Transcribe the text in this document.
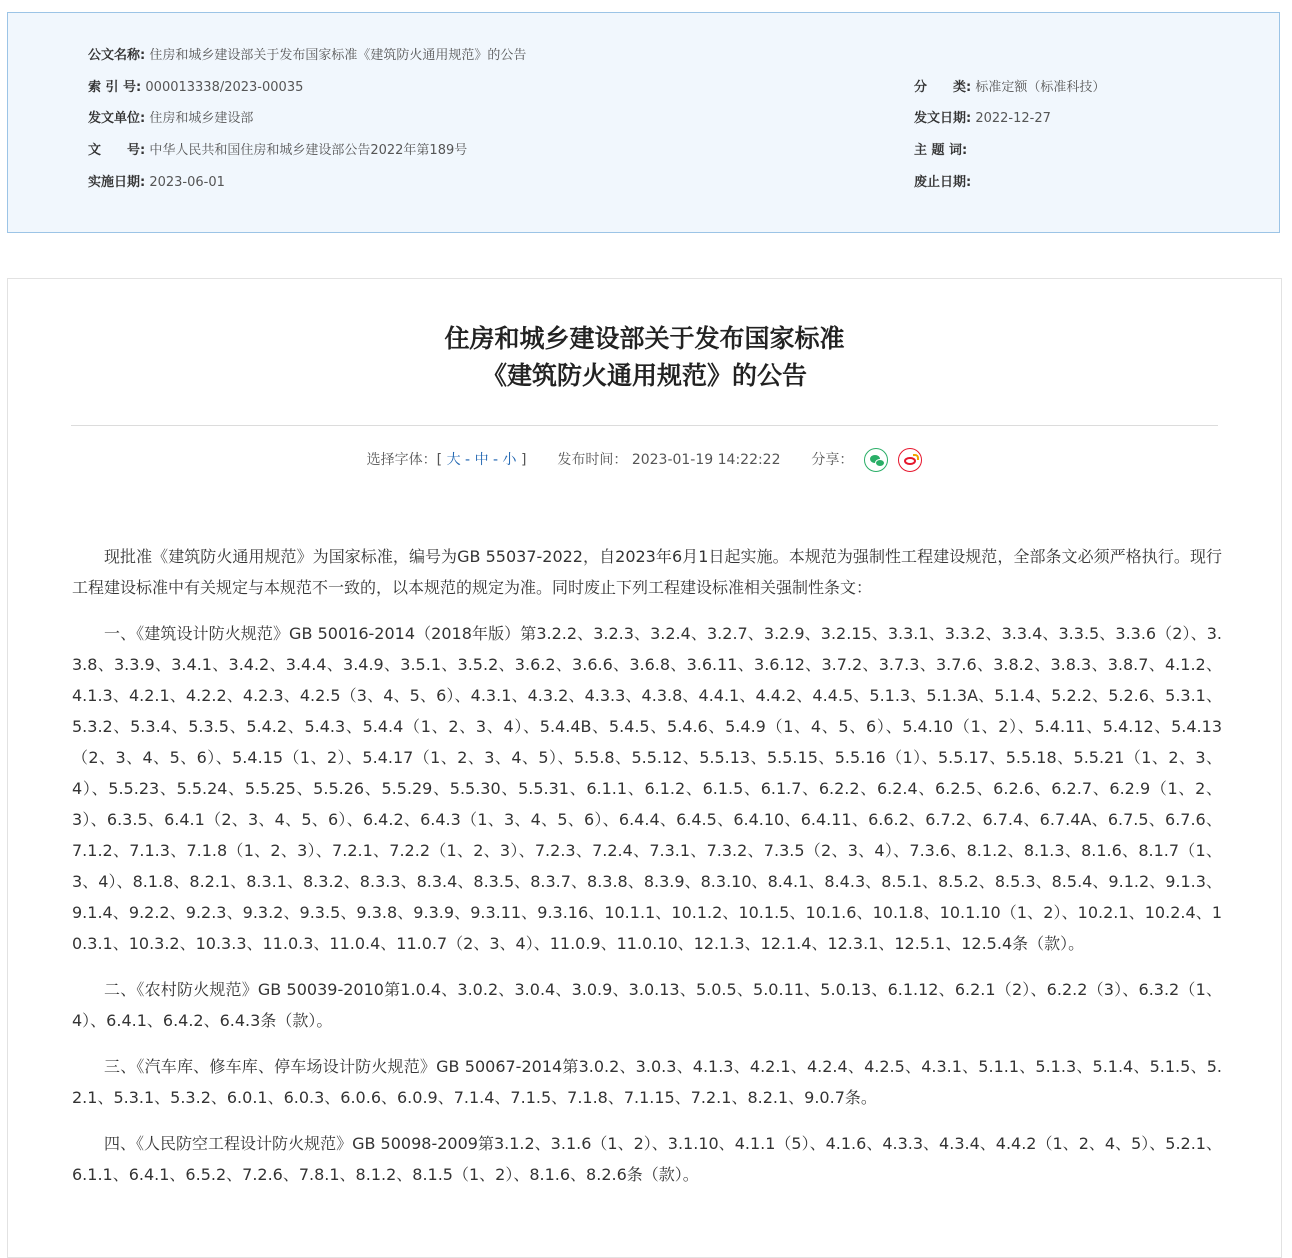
公文名称: 住房和城乡建设部关于发布国家标准《建筑防火通用规范》的公告
索 引 号: 000013338/2023-00035	分　　类: 标准定额（标准科技）
发文单位: 住房和城乡建设部	发文日期: 2022-12-27
文　　号: 中华人民共和国住房和城乡建设部公告2022年第189号	主 题 词:
实施日期: 2023-06-01	废止日期:
住房和城乡建设部关于发布国家标准
《建筑防火通用规范》的公告
选择字体：[ 大 - 中 - 小 ] 发布时间： 2023-01-19 14:22:22 分享：

现批准《建筑防火通用规范》为国家标准，编号为GB 55037-2022，自2023年6月1日起实施。本规范为强制性工程建设规范，全部条文必须严格执行。现行工程建设标准中有关规定与本规范不一致的，以本规范的规定为准。同时废止下列工程建设标准相关强制性条文：

一、《建筑设计防火规范》GB 50016-2014（2018年版）第3.2.2、3.2.3、3.2.4、3.2.7、3.2.9、3.2.15、3.3.1、3.3.2、3.3.4、3.3.5、3.3.6（2）、3.3.8、3.3.9、3.4.1、3.4.2、3.4.4、3.4.9、3.5.1、3.5.2、3.6.2、3.6.6、3.6.8、3.6.11、3.6.12、3.7.2、3.7.3、3.7.6、3.8.2、3.8.3、3.8.7、4.1.2、4.1.3、4.2.1、4.2.2、4.2.3、4.2.5（3、4、5、6）、4.3.1、4.3.2、4.3.3、4.3.8、4.4.1、4.4.2、4.4.5、5.1.3、5.1.3A、5.1.4、5.2.2、5.2.6、5.3.1、5.3.2、5.3.4、5.3.5、5.4.2、5.4.3、5.4.4（1、2、3、4）、5.4.4B、5.4.5、5.4.6、5.4.9（1、4、5、6）、5.4.10（1、2）、5.4.11、5.4.12、5.4.13（2、3、4、5、6）、5.4.15（1、2）、5.4.17（1、2、3、4、5）、5.5.8、5.5.12、5.5.13、5.5.15、5.5.16（1）、5.5.17、5.5.18、5.5.21（1、2、3、4）、5.5.23、5.5.24、5.5.25、5.5.26、5.5.29、5.5.30、5.5.31、6.1.1、6.1.2、6.1.5、6.1.7、6.2.2、6.2.4、6.2.5、6.2.6、6.2.7、6.2.9（1、2、3）、6.3.5、6.4.1（2、3、4、5、6）、6.4.2、6.4.3（1、3、4、5、6）、6.4.4、6.4.5、6.4.10、6.4.11、6.6.2、6.7.2、6.7.4、6.7.4A、6.7.5、6.7.6、7.1.2、7.1.3、7.1.8（1、2、3）、7.2.1、7.2.2（1、2、3）、7.2.3、7.2.4、7.3.1、7.3.2、7.3.5（2、3、4）、7.3.6、8.1.2、8.1.3、8.1.6、8.1.7（1、3、4）、8.1.8、8.2.1、8.3.1、8.3.2、8.3.3、8.3.4、8.3.5、8.3.7、8.3.8、8.3.9、8.3.10、8.4.1、8.4.3、8.5.1、8.5.2、8.5.3、8.5.4、9.1.2、9.1.3、9.1.4、9.2.2、9.2.3、9.3.2、9.3.5、9.3.8、9.3.9、9.3.11、9.3.16、10.1.1、10.1.2、10.1.5、10.1.6、10.1.8、10.1.10（1、2）、10.2.1、10.2.4、10.3.1、10.3.2、10.3.3、11.0.3、11.0.4、11.0.7（2、3、4）、11.0.9、11.0.10、12.1.3、12.1.4、12.3.1、12.5.1、12.5.4条（款）。

二、《农村防火规范》GB 50039-2010第1.0.4、3.0.2、3.0.4、3.0.9、3.0.13、5.0.5、5.0.11、5.0.13、6.1.12、6.2.1（2）、6.2.2（3）、6.3.2（1、4）、6.4.1、6.4.2、6.4.3条（款）。

三、《汽车库、修车库、停车场设计防火规范》GB 50067-2014第3.0.2、3.0.3、4.1.3、4.2.1、4.2.4、4.2.5、4.3.1、5.1.1、5.1.3、5.1.4、5.1.5、5.2.1、5.3.1、5.3.2、6.0.1、6.0.3、6.0.6、6.0.9、7.1.4、7.1.5、7.1.8、7.1.15、7.2.1、8.2.1、9.0.7条。

四、《人民防空工程设计防火规范》GB 50098-2009第3.1.2、3.1.6（1、2）、3.1.10、4.1.1（5）、4.1.6、4.3.3、4.3.4、4.4.2（1、2、4、5）、5.2.1、6.1.1、6.4.1、6.5.2、7.2.6、7.8.1、8.1.2、8.1.5（1、2）、8.1.6、8.2.6条（款）。
